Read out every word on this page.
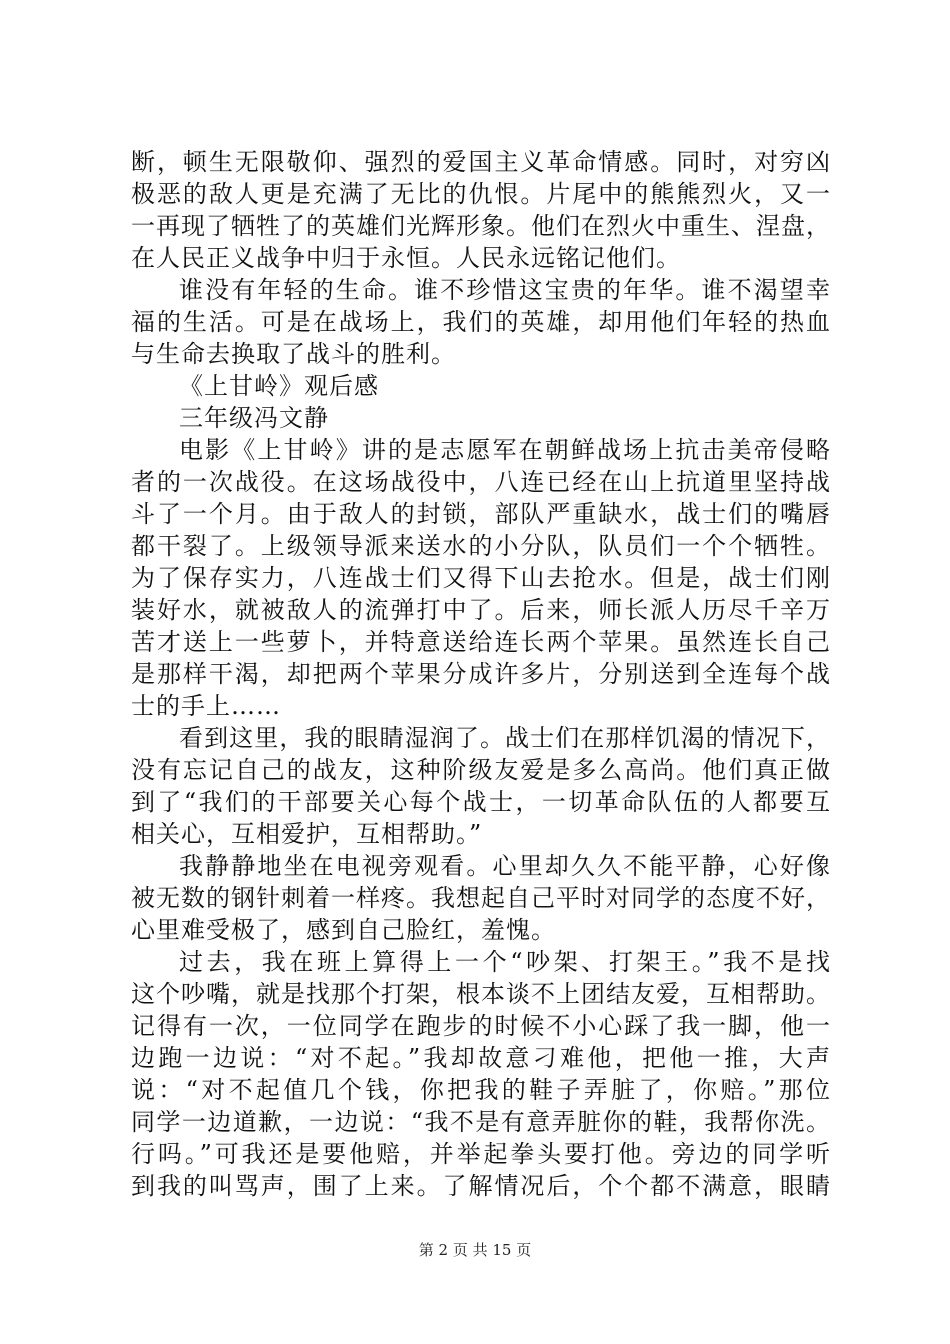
断，顿生无限敬仰、强烈的爱国主义革命情感。同时，对穷凶
极恶的敌人更是充满了无比的仇恨。片尾中的熊熊烈火，又一
一再现了牺牲了的英雄们光辉形象。他们在烈火中重生、涅盘，
在人民正义战争中归于永恒。人民永远铭记他们。
谁没有年轻的生命。谁不珍惜这宝贵的年华。谁不渴望幸
福的生活。可是在战场上，我们的英雄，却用他们年轻的热血
与生命去换取了战斗的胜利。
《上甘岭》观后感
三年级冯文静
电影《上甘岭》讲的是志愿军在朝鲜战场上抗击美帝侵略
者的一次战役。在这场战役中，八连已经在山上抗道里坚持战
斗了一个月。由于敌人的封锁，部队严重缺水，战士们的嘴唇
都干裂了。上级领导派来送水的小分队，队员们一个个牺牲。
为了保存实力，八连战士们又得下山去抢水。但是，战士们刚
装好水，就被敌人的流弹打中了。后来，师长派人历尽千辛万
苦才送上一些萝卜，并特意送给连长两个苹果。虽然连长自己
是那样干渴，却把两个苹果分成许多片，分别送到全连每个战
士的手上……
看到这里，我的眼睛湿润了。战士们在那样饥渴的情况下，
没有忘记自己的战友，这种阶级友爱是多么高尚。他们真正做
到了“我们的干部要关心每个战士，一切革命队伍的人都要互
相关心，互相爱护，互相帮助。”
我静静地坐在电视旁观看。心里却久久不能平静，心好像
被无数的钢针刺着一样疼。我想起自己平时对同学的态度不好，
心里难受极了，感到自己脸红，羞愧。
过去，我在班上算得上一个“吵架、打架王。”我不是找
这个吵嘴，就是找那个打架，根本谈不上团结友爱，互相帮助。
记得有一次，一位同学在跑步的时候不小心踩了我一脚，他一
边跑一边说：“对不起。”我却故意刁难他，把他一推，大声
说：“对不起值几个钱，你把我的鞋子弄脏了，你赔。”那位
同学一边道歉，一边说：“我不是有意弄脏你的鞋，我帮你洗。
行吗。”可我还是要他赔，并举起拳头要打他。旁边的同学听
到我的叫骂声，围了上来。了解情况后，个个都不满意，眼睛
第 2 页 共 15 页
